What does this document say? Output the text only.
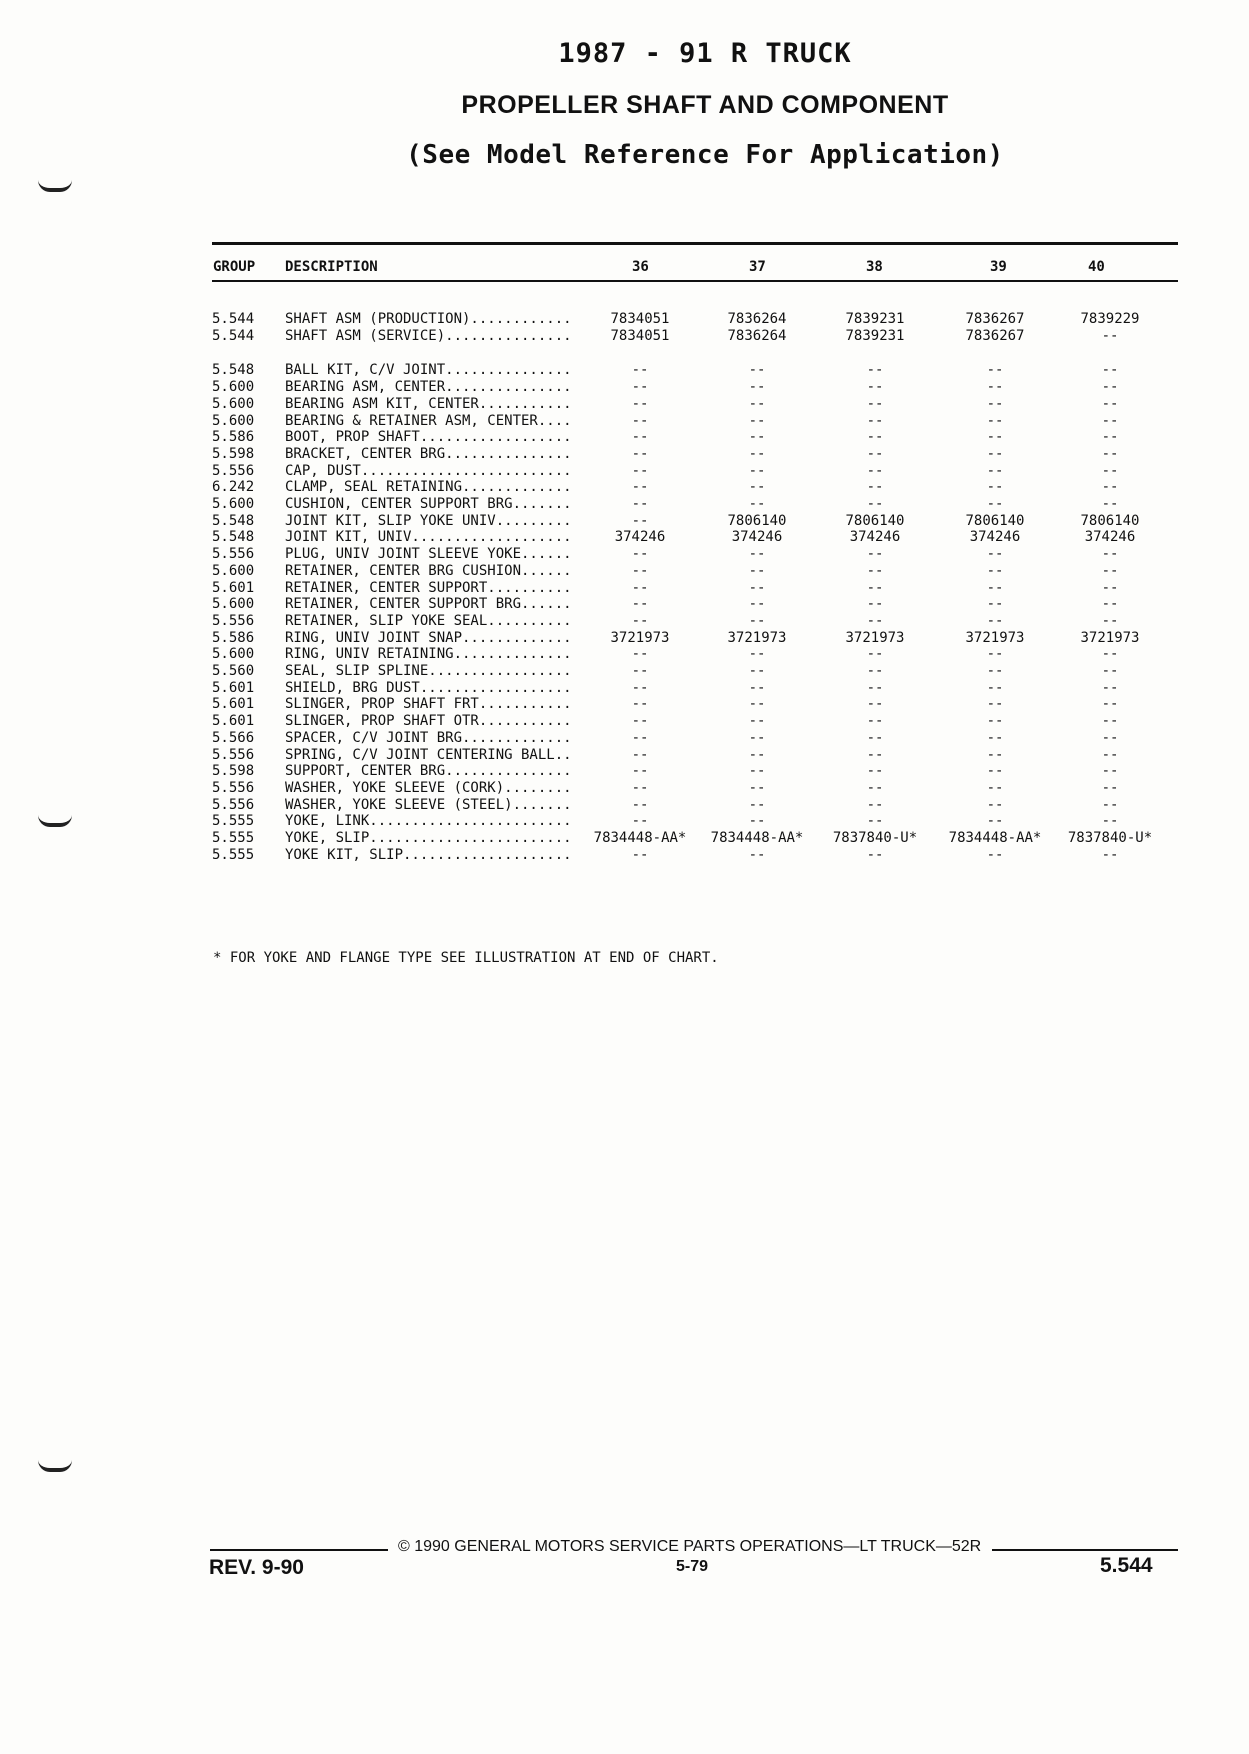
1987 - 91 R TRUCK
PROPELLER SHAFT AND COMPONENT
(See Model Reference For Application)
GROUP DESCRIPTION	36	37	38	39	40
5.544 SHAFT ASM (PRODUCTION)............	7834051	7836264	7839231	7836267	7839229
5.544 SHAFT ASM (SERVICE)...............	7834051	7836264	7839231	7836267	--
5.548 BALL KIT, C/V JOINT...............	--	--	--	--	--
5.600 BEARING ASM, CENTER...............	--	--	--	--	--
5.600 BEARING ASM KIT, CENTER...........	--	--	--	--	--
5.600 BEARING & RETAINER ASM, CENTER....	--	--	--	--	--
5.586 BOOT, PROP SHAFT..................	--	--	--	--	--
5.598 BRACKET, CENTER BRG...............	--	--	--	--	--
5.556 CAP, DUST.........................	--	--	--	--	--
6.242 CLAMP, SEAL RETAINING.............	--	--	--	--	--
5.600 CUSHION, CENTER SUPPORT BRG.......	--	--	--	--	--
5.548 JOINT KIT, SLIP YOKE UNIV.........	--	7806140	7806140	7806140	7806140
5.548 JOINT KIT, UNIV...................	374246	374246	374246	374246	374246
5.556 PLUG, UNIV JOINT SLEEVE YOKE......	--	--	--	--	--
5.600 RETAINER, CENTER BRG CUSHION......	--	--	--	--	--
5.601 RETAINER, CENTER SUPPORT..........	--	--	--	--	--
5.600 RETAINER, CENTER SUPPORT BRG......	--	--	--	--	--
5.556 RETAINER, SLIP YOKE SEAL..........	--	--	--	--	--
5.586 RING, UNIV JOINT SNAP.............	3721973	3721973	3721973	3721973	3721973
5.600 RING, UNIV RETAINING..............	--	--	--	--	--
5.560 SEAL, SLIP SPLINE.................	--	--	--	--	--
5.601 SHIELD, BRG DUST..................	--	--	--	--	--
5.601 SLINGER, PROP SHAFT FRT...........	--	--	--	--	--
5.601 SLINGER, PROP SHAFT OTR...........	--	--	--	--	--
5.566 SPACER, C/V JOINT BRG.............	--	--	--	--	--
5.556 SPRING, C/V JOINT CENTERING BALL..	--	--	--	--	--
5.598 SUPPORT, CENTER BRG...............	--	--	--	--	--
5.556 WASHER, YOKE SLEEVE (CORK)........	--	--	--	--	--
5.556 WASHER, YOKE SLEEVE (STEEL).......	--	--	--	--	--
5.555 YOKE, LINK........................	--	--	--	--	--
5.555 YOKE, SLIP........................	7834448-AA*	7834448-AA*	7837840-U*	7834448-AA*	7837840-U*
5.555 YOKE KIT, SLIP....................	--	--	--	--	--
* FOR YOKE AND FLANGE TYPE SEE ILLUSTRATION AT END OF CHART.
© 1990 GENERAL MOTORS SERVICE PARTS OPERATIONS—LT TRUCK—52R
REV. 9-90	5-79	5.544
